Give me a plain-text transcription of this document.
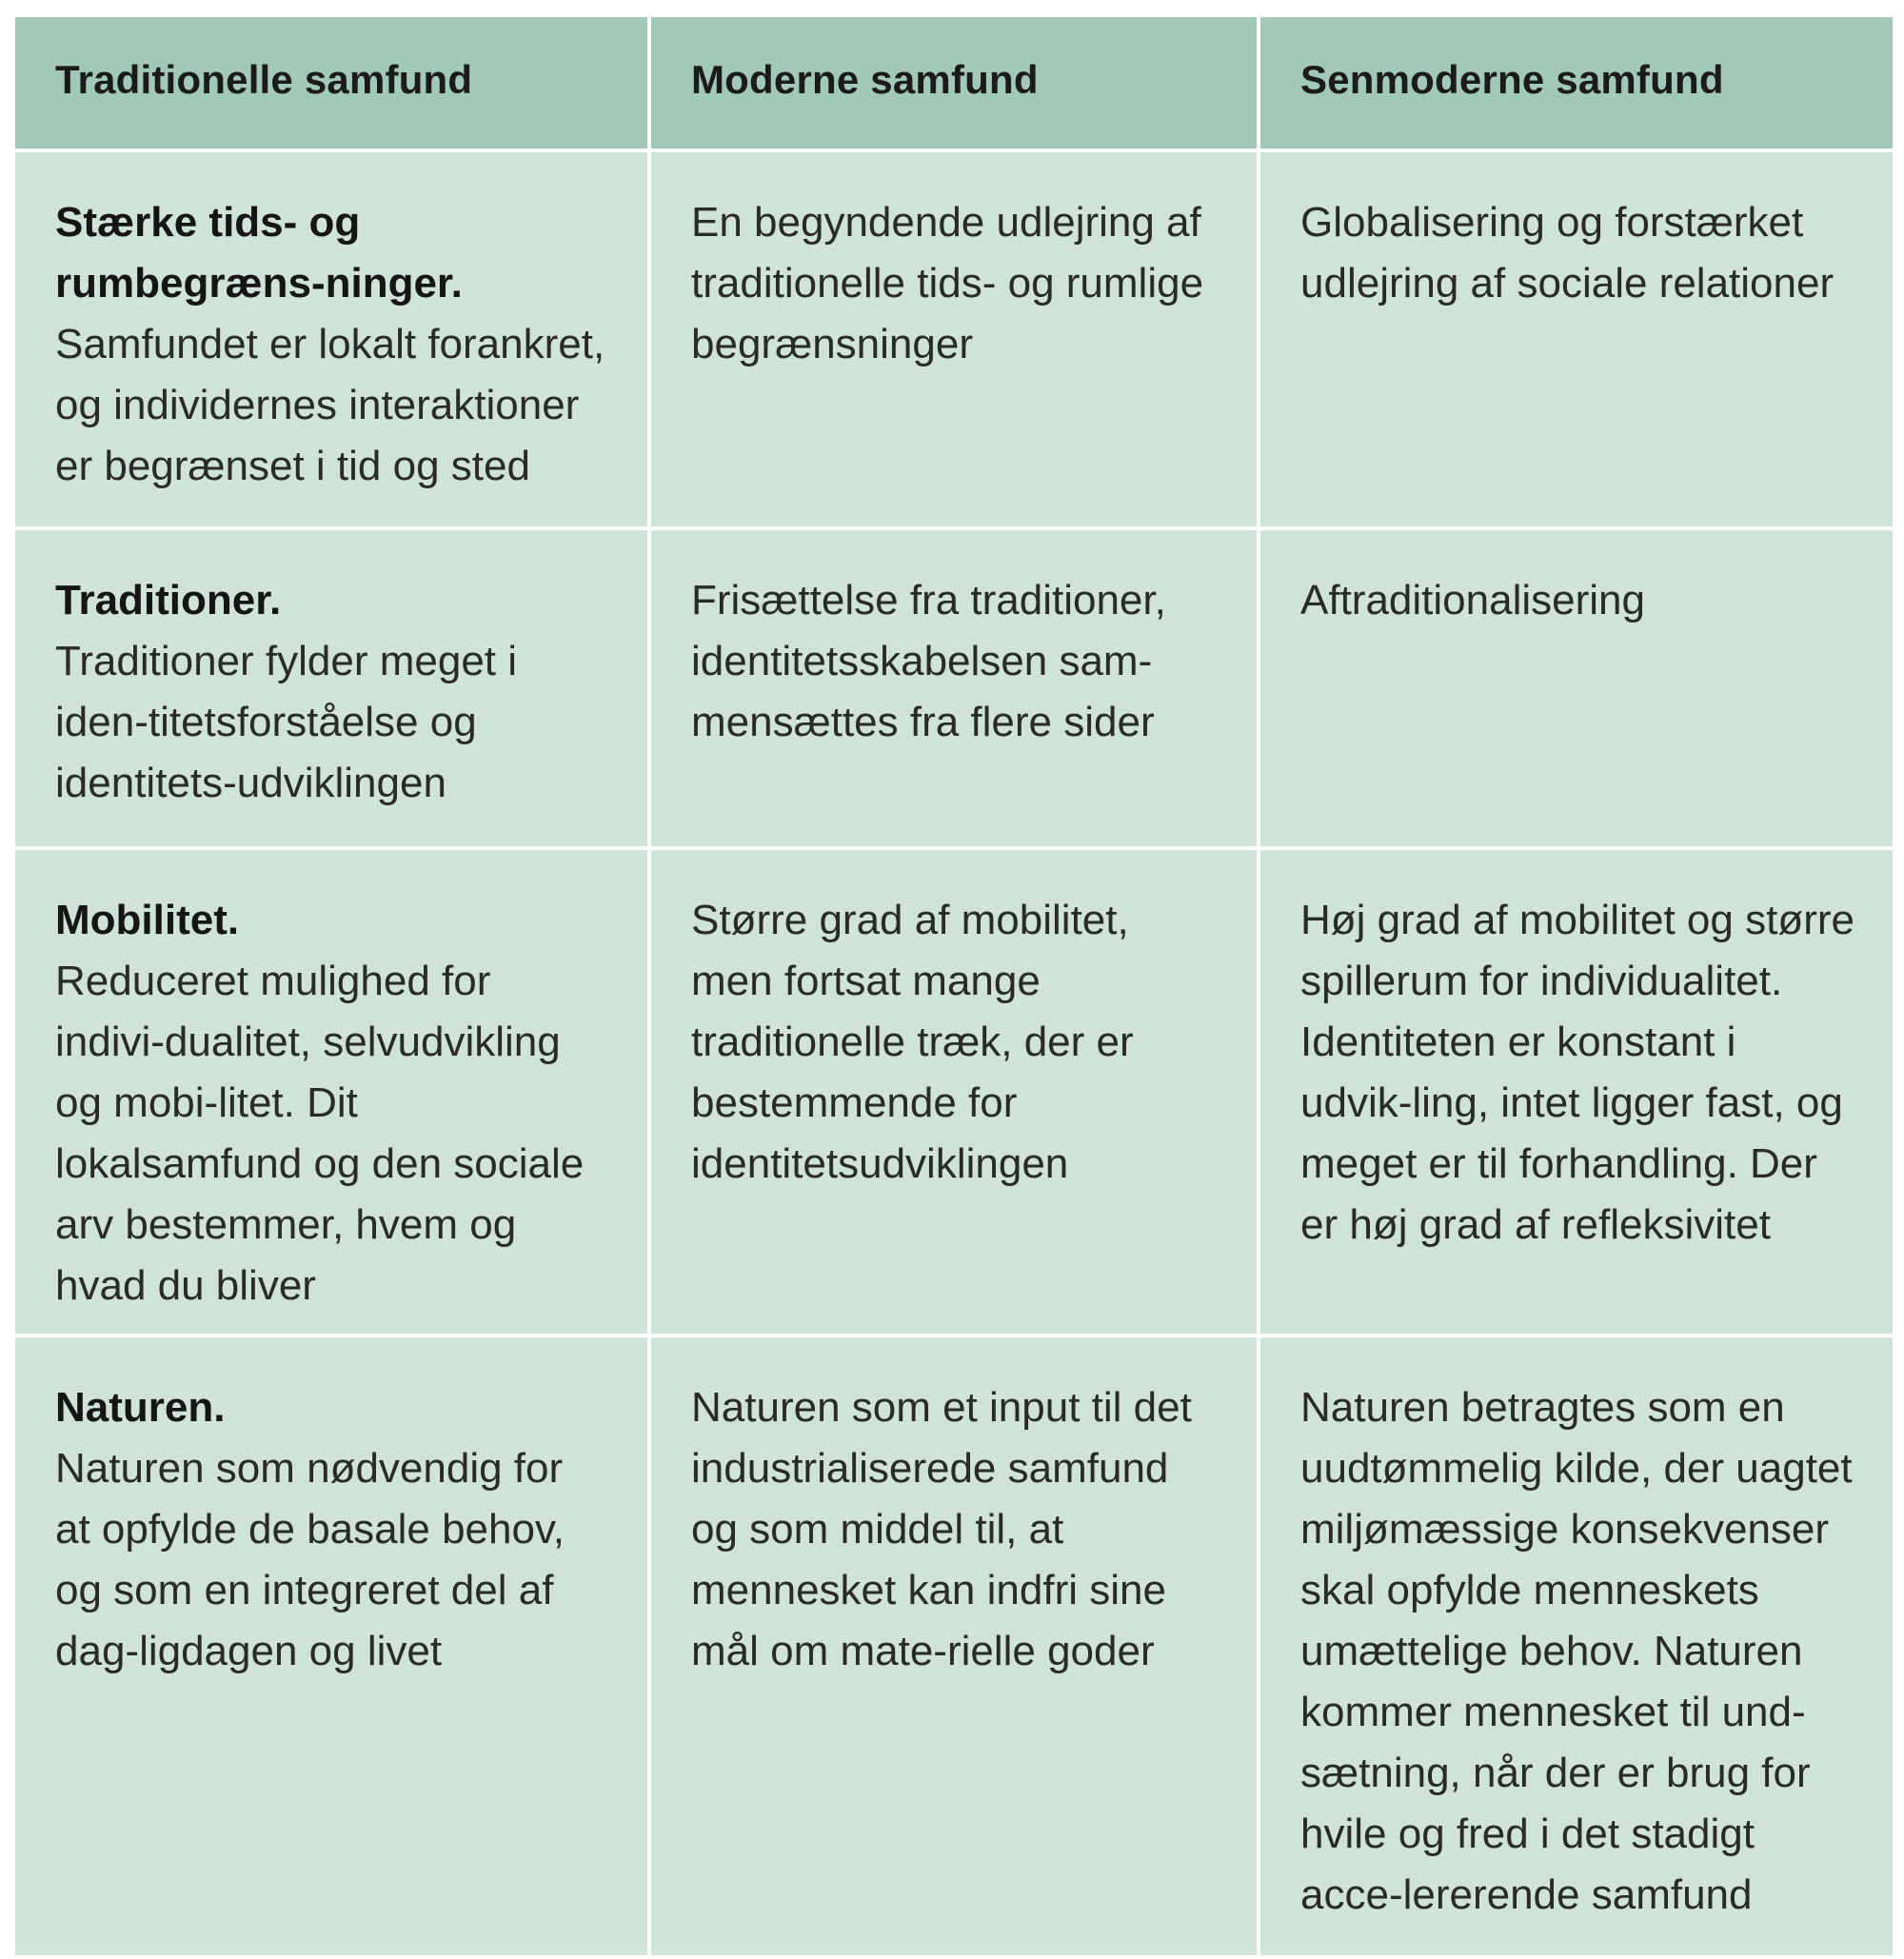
Traditionelle samfund	Moderne samfund	Senmoderne samfund

Stærke tids- og rumbegræns-ninger.
Samfundet er lokalt forankret, og individernes interaktioner er begrænset i tid og sted	En begyndende udlejring af traditionelle tids- og rumlige begrænsninger	Globalisering og forstærket udlejring af sociale relationer

Traditioner.
Traditioner fylder meget i iden-titetsforståelse og identitets-udviklingen	Frisættelse fra traditioner, identitetsskabelsen sam-mensættes fra flere sider	Aftraditionalisering

Mobilitet.
Reduceret mulighed for indivi-dualitet, selvudvikling og mobi-litet. Dit lokalsamfund og den sociale arv bestemmer, hvem og hvad du bliver	Større grad af mobilitet, men fortsat mange traditionelle træk, der er bestemmende for identitetsudviklingen	Høj grad af mobilitet og større spillerum for individualitet. Identiteten er konstant i udvik-ling, intet ligger fast, og meget er til forhandling. Der er høj grad af refleksivitet

Naturen.
Naturen som nødvendig for at opfylde de basale behov, og som en integreret del af dag-ligdagen og livet	Naturen som et input til det industrialiserede samfund og som middel til, at mennesket kan indfri sine mål om mate-rielle goder	Naturen betragtes som en uudtømmelig kilde, der uagtet miljømæssige konsekvenser skal opfylde menneskets umættelige behov. Naturen kommer mennesket til und-sætning, når der er brug for hvile og fred i det stadigt acce-lererende samfund
